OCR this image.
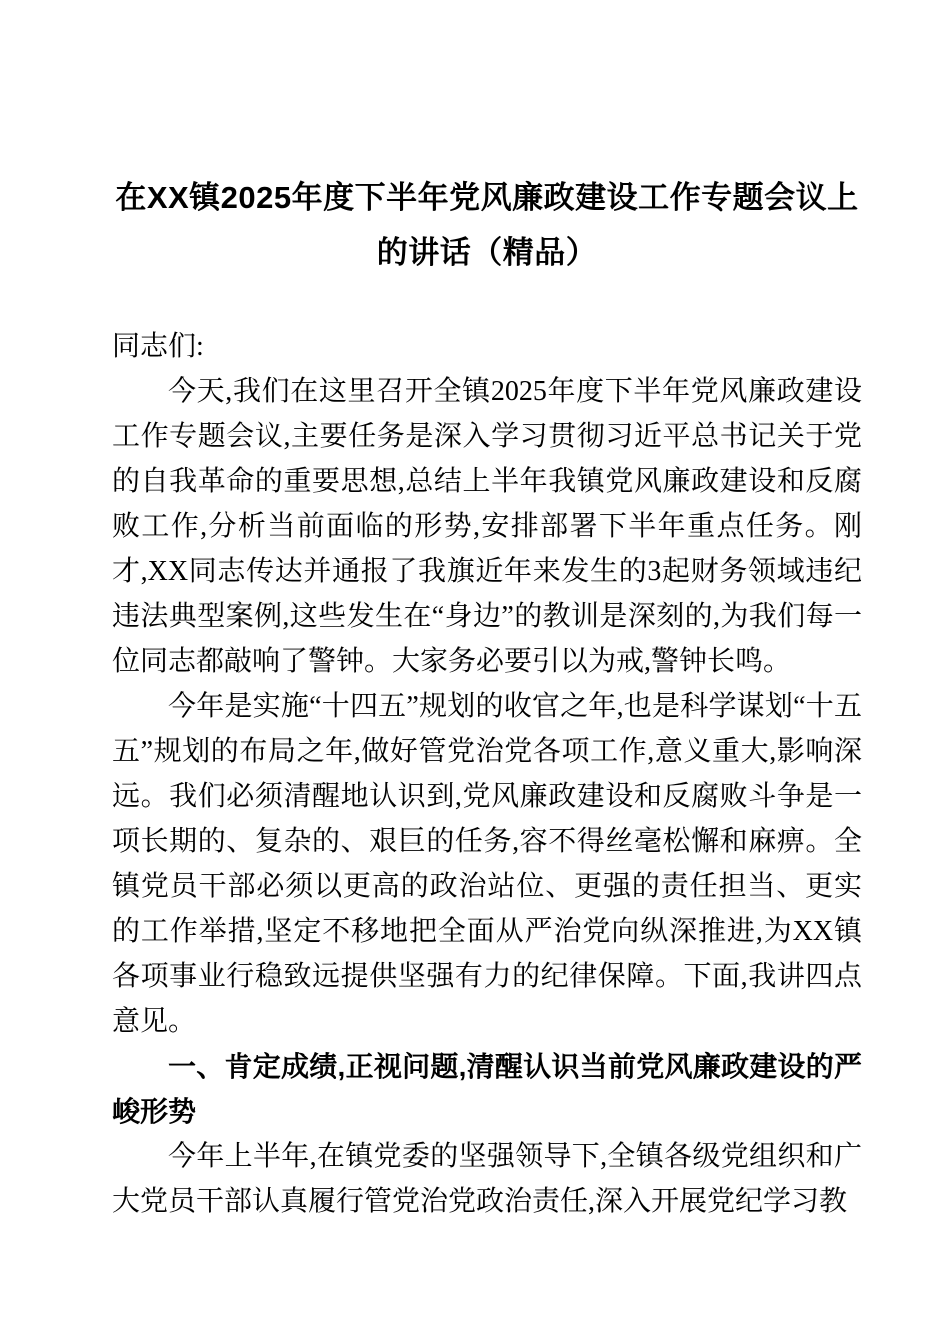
在XX镇2025年度下半年党风廉政建设工作专题会议上的讲话（精品）

同志们:

今天,我们在这里召开全镇2025年度下半年党风廉政建设工作专题会议,主要任务是深入学习贯彻习近平总书记关于党的自我革命的重要思想,总结上半年我镇党风廉政建设和反腐败工作,分析当前面临的形势,安排部署下半年重点任务。刚才,XX同志传达并通报了我旗近年来发生的3起财务领域违纪违法典型案例,这些发生在“身边”的教训是深刻的,为我们每一位同志都敲响了警钟。大家务必要引以为戒,警钟长鸣。

今年是实施“十四五”规划的收官之年,也是科学谋划“十五五”规划的布局之年,做好管党治党各项工作,意义重大,影响深远。我们必须清醒地认识到,党风廉政建设和反腐败斗争是一项长期的、复杂的、艰巨的任务,容不得丝毫松懈和麻痹。全镇党员干部必须以更高的政治站位、更强的责任担当、更实的工作举措,坚定不移地把全面从严治党向纵深推进,为XX镇各项事业行稳致远提供坚强有力的纪律保障。下面,我讲四点意见。

一、肯定成绩,正视问题,清醒认识当前党风廉政建设的严峻形势

今年上半年,在镇党委的坚强领导下,全镇各级党组织和广大党员干部认真履行管党治党政治责任,深入开展党纪学习教
